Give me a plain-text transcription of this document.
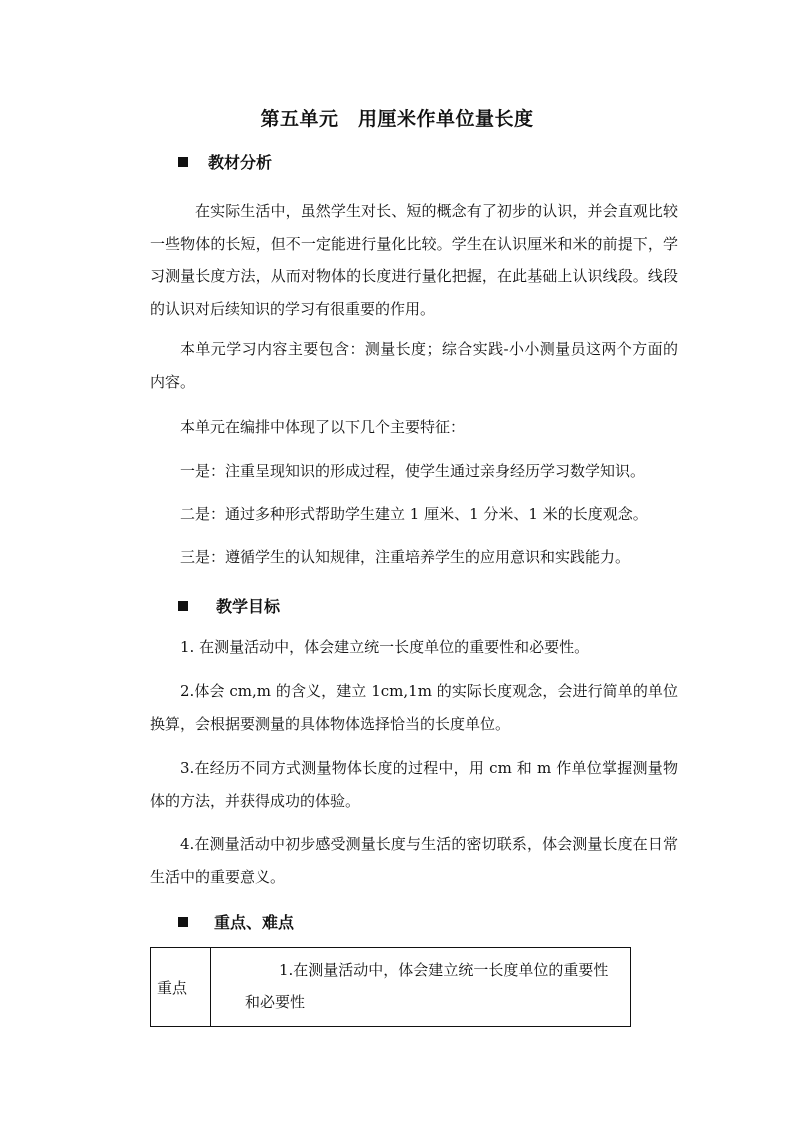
第五单元　用厘米作单位量长度
教材分析
在实际生活中，虽然学生对长、短的概念有了初步的认识，并会直观比较一些物体的长短，但不一定能进行量化比较。学生在认识厘米和米的前提下，学习测量长度方法，从而对物体的长度进行量化把握，在此基础上认识线段。线段的认识对后续知识的学习有很重要的作用。
本单元学习内容主要包含：测量长度；综合实践-小小测量员这两个方面的内容。
本单元在编排中体现了以下几个主要特征：
一是：注重呈现知识的形成过程，使学生通过亲身经历学习数学知识。
二是：通过多种形式帮助学生建立 1 厘米、1 分米、1 米的长度观念。
三是：遵循学生的认知规律，注重培养学生的应用意识和实践能力。
教学目标
1. 在测量活动中，体会建立统一长度单位的重要性和必要性。
2.体会 cm,m 的含义，建立 1cm,1m 的实际长度观念，会进行简单的单位换算，会根据要测量的具体物体选择恰当的长度单位。
3.在经历不同方式测量物体长度的过程中，用 cm 和 m 作单位掌握测量物体的方法，并获得成功的体验。
4.在测量活动中初步感受测量长度与生活的密切联系，体会测量长度在日常生活中的重要意义。
重点、难点
重点	1.在测量活动中，体会建立统一长度单位的重要性和必要性
